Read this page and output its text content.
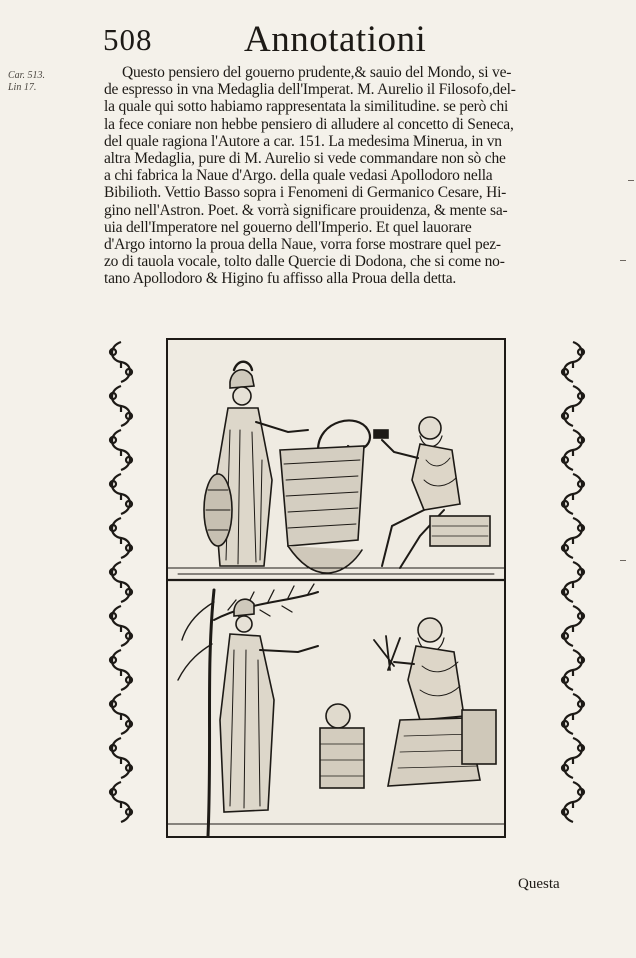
508 Annotationi
Car. 513.
Lin 17.
Questo pensiero del gouerno prudente,& sauio del Mondo, si ve-
de espresso in vna Medaglia dell'Imperat. M. Aurelio il Filosofo,del-
la quale qui sotto habiamo rappresentata la similitudine. se però chi
la fece coniare non hebbe pensiero di alludere al concetto di Seneca,
del quale ragiona l'Autore a car. 151. La medesima Minerua, in vn
altra Medaglia, pure di M. Aurelio si vede commandare non sò che
a chi fabrica la Naue d'Argo. della quale vedasi Apollodoro nella
Bibilioth. Vettio Basso sopra i Fenomeni di Germanico Cesare, Hi-
gino nell'Astron. Poet. & vorrà significare prouidenza, & mente sa-
uia dell'Imperatore nel gouerno dell'Imperio. Et quel lauorare
d'Argo intorno la proua della Naue, vorra forse mostrare quel pez-
zo di tauola vocale, tolto dalle Quercie di Dodona, che si come no-
tano Apollodoro & Higino fu affisso alla Proua della detta.
Questa
